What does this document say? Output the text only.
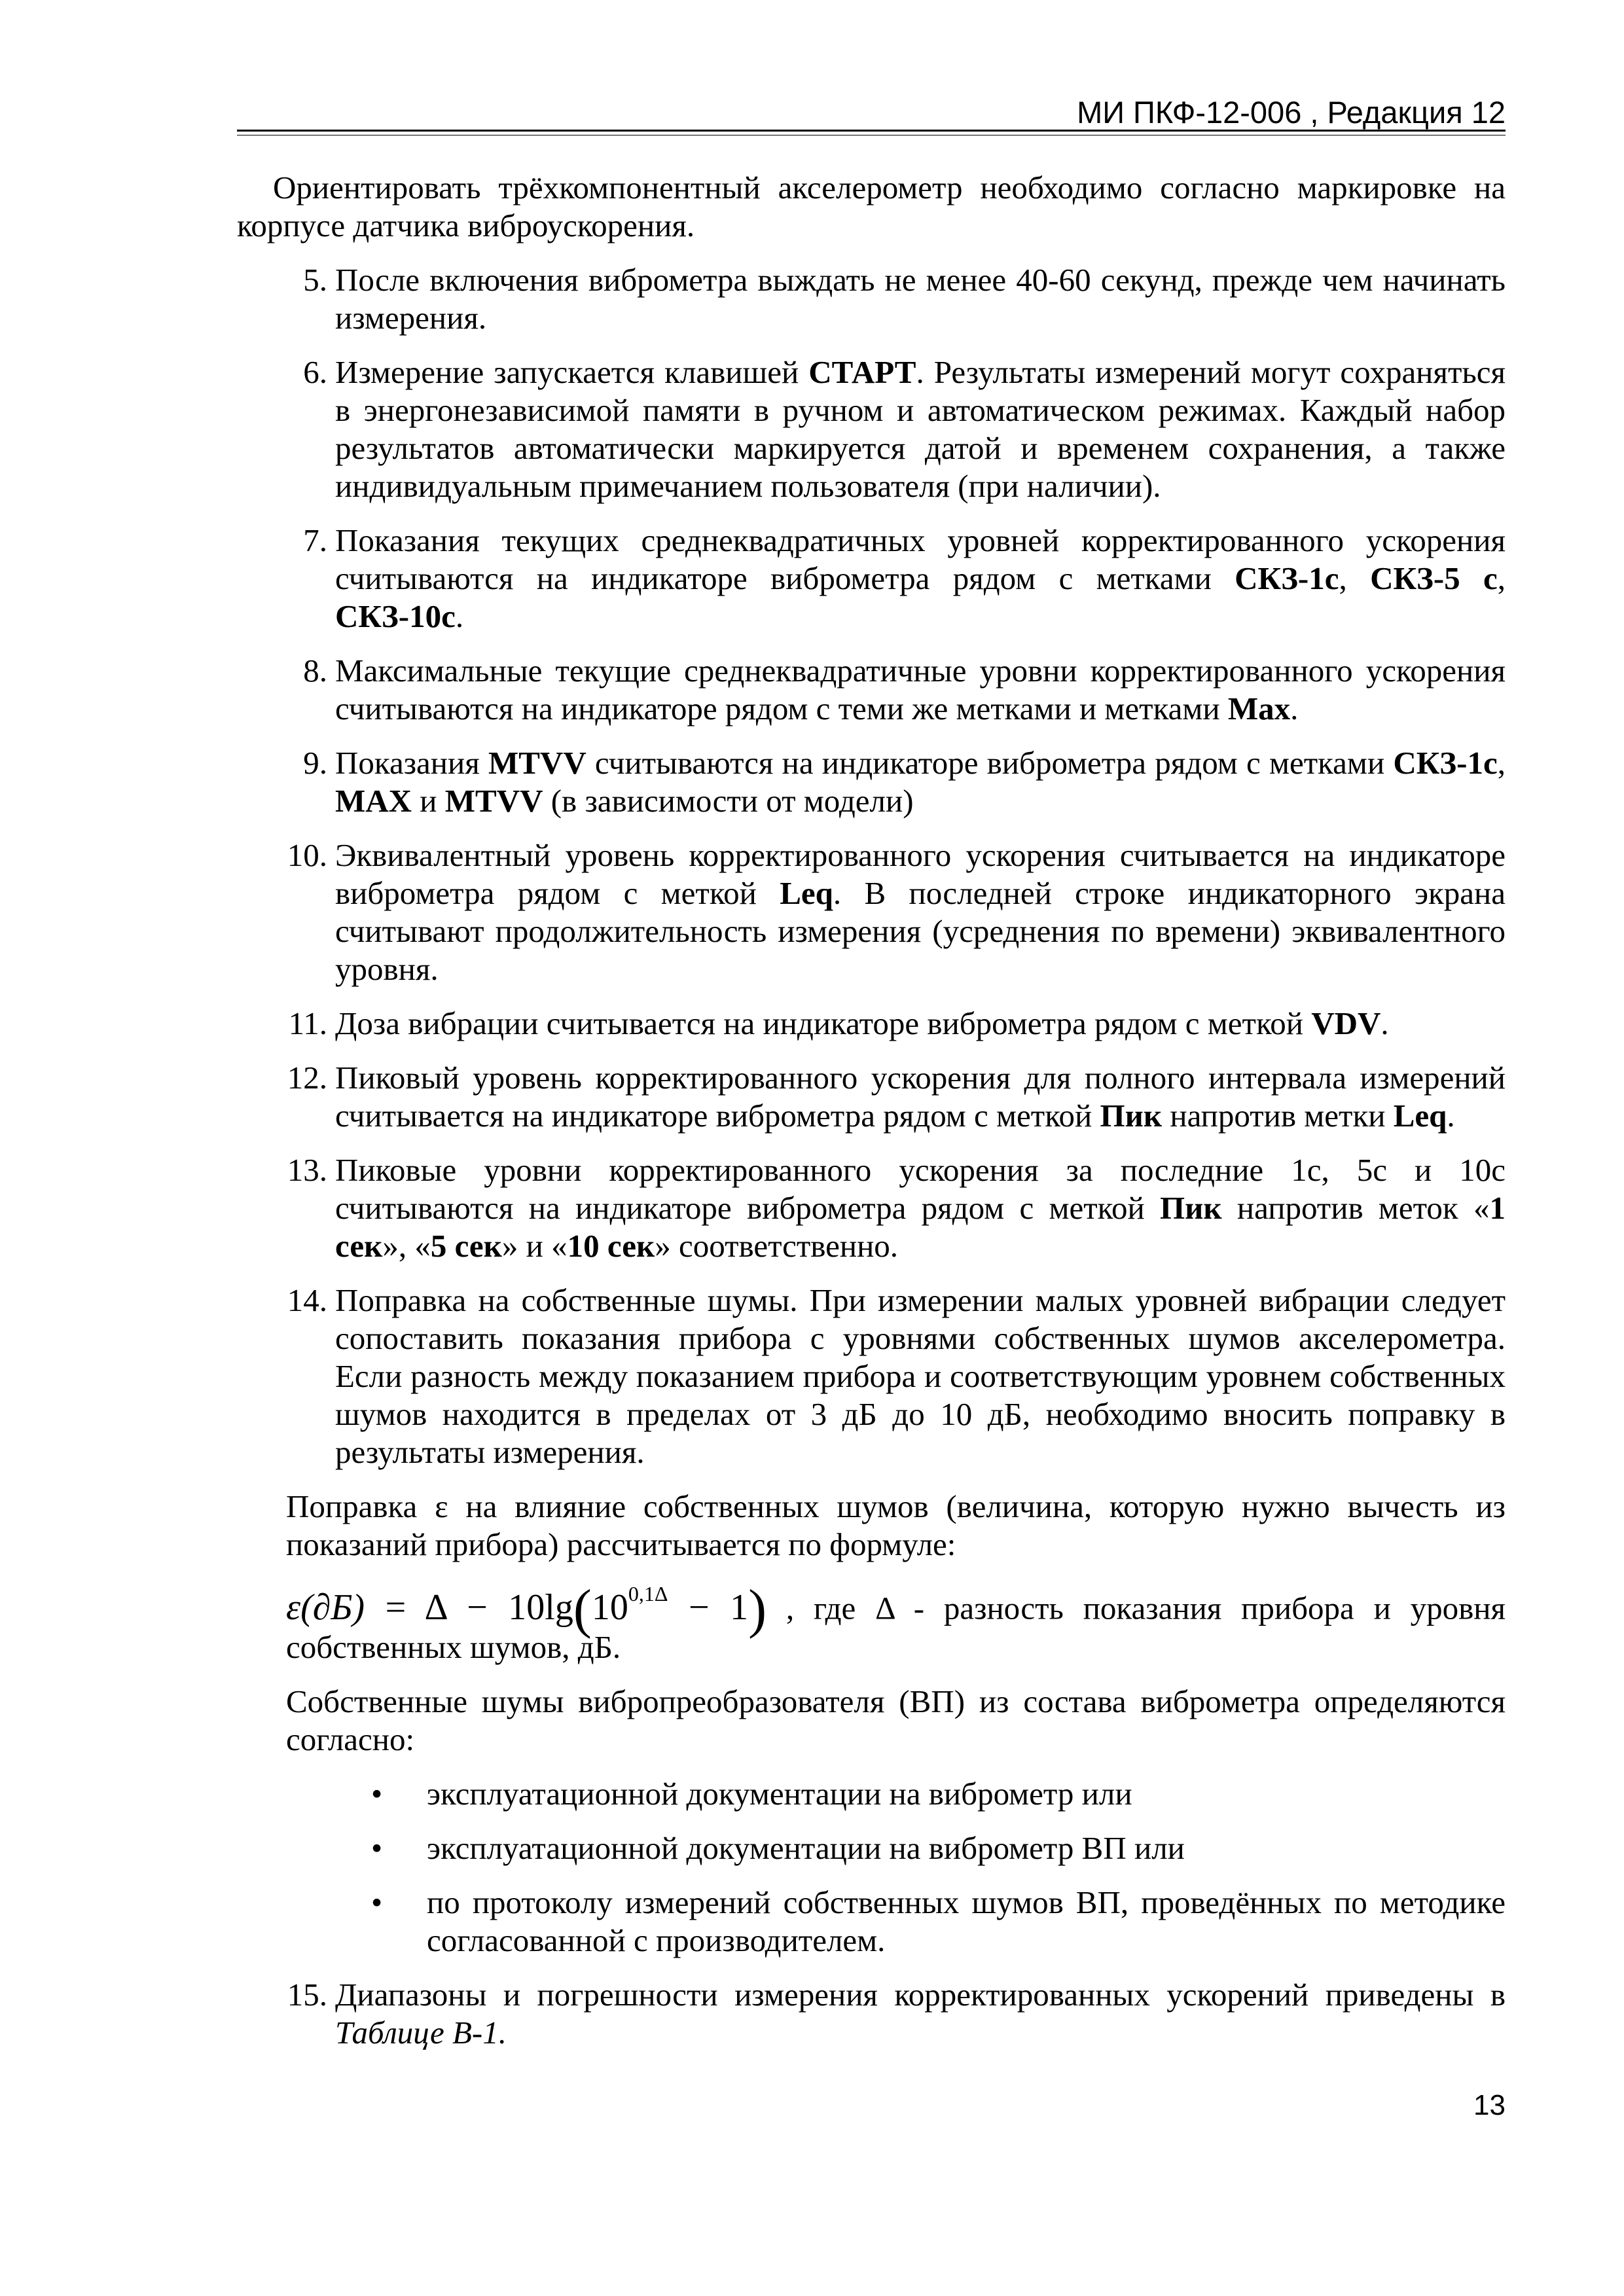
МИ ПКФ-12-006 , Редакция 12

Ориентировать трёхкомпонентный акселерометр необходимо согласно маркировке на корпусе датчика виброускорения.

5. После включения виброметра выждать не менее 40-60 секунд, прежде чем начинать измерения.
6. Измерение запускается клавишей СТАРТ. Результаты измерений могут сохраняться в энергонезависимой памяти в ручном и автоматическом режимах. Каждый набор результатов автоматически маркируется датой и временем сохранения, а также индивидуальным примечанием пользователя (при наличии).
7. Показания текущих среднеквадратичных уровней корректированного ускорения считываются на индикаторе виброметра рядом с метками СКЗ-1с, СКЗ-5 с, СКЗ-10с.
8. Максимальные текущие среднеквадратичные уровни корректированного ускорения считываются на индикаторе рядом с теми же метками и метками Max.
9. Показания MTVV считываются на индикаторе виброметра рядом с метками СКЗ-1с, MAX и MTVV (в зависимости от модели)
10. Эквивалентный уровень корректированного ускорения считывается на индикаторе виброметра рядом с меткой Leq. В последней строке индикаторного экрана считывают продолжительность измерения (усреднения по времени) эквивалентного уровня.
11. Доза вибрации считывается на индикаторе виброметра рядом с меткой VDV.
12. Пиковый уровень корректированного ускорения для полного интервала измерений считывается на индикаторе виброметра рядом с меткой Пик напротив метки Leq.
13. Пиковые уровни корректированного ускорения за последние 1с, 5с и 10с считываются на индикаторе виброметра рядом с меткой Пик напротив меток «1 сек», «5 сек» и «10 сек» соответственно.
14. Поправка на собственные шумы. При измерении малых уровней вибрации следует сопоставить показания прибора с уровнями собственных шумов акселерометра. Если разность между показанием прибора и соответствующим уровнем собственных шумов находится в пределах от 3 дБ до 10 дБ, необходимо вносить поправку в результаты измерения.

Поправка ε на влияние собственных шумов (величина, которую нужно вычесть из показаний прибора) рассчитывается по формуле:

$\varepsilon(\partial Б) = \Delta - 10\lg(10^{0,1\Delta} - 1)$ , где Δ - разность показания прибора и уровня собственных шумов, дБ.

Собственные шумы вибропреобразователя (ВП) из состава виброметра определяются согласно:

• эксплуатационной документации на виброметр или
• эксплуатационной документации на виброметр ВП или
• по протоколу измерений собственных шумов ВП, проведённых по методике согласованной с производителем.
15. Диапазоны и погрешности измерения корректированных ускорений приведены в Таблице В-1.
13
